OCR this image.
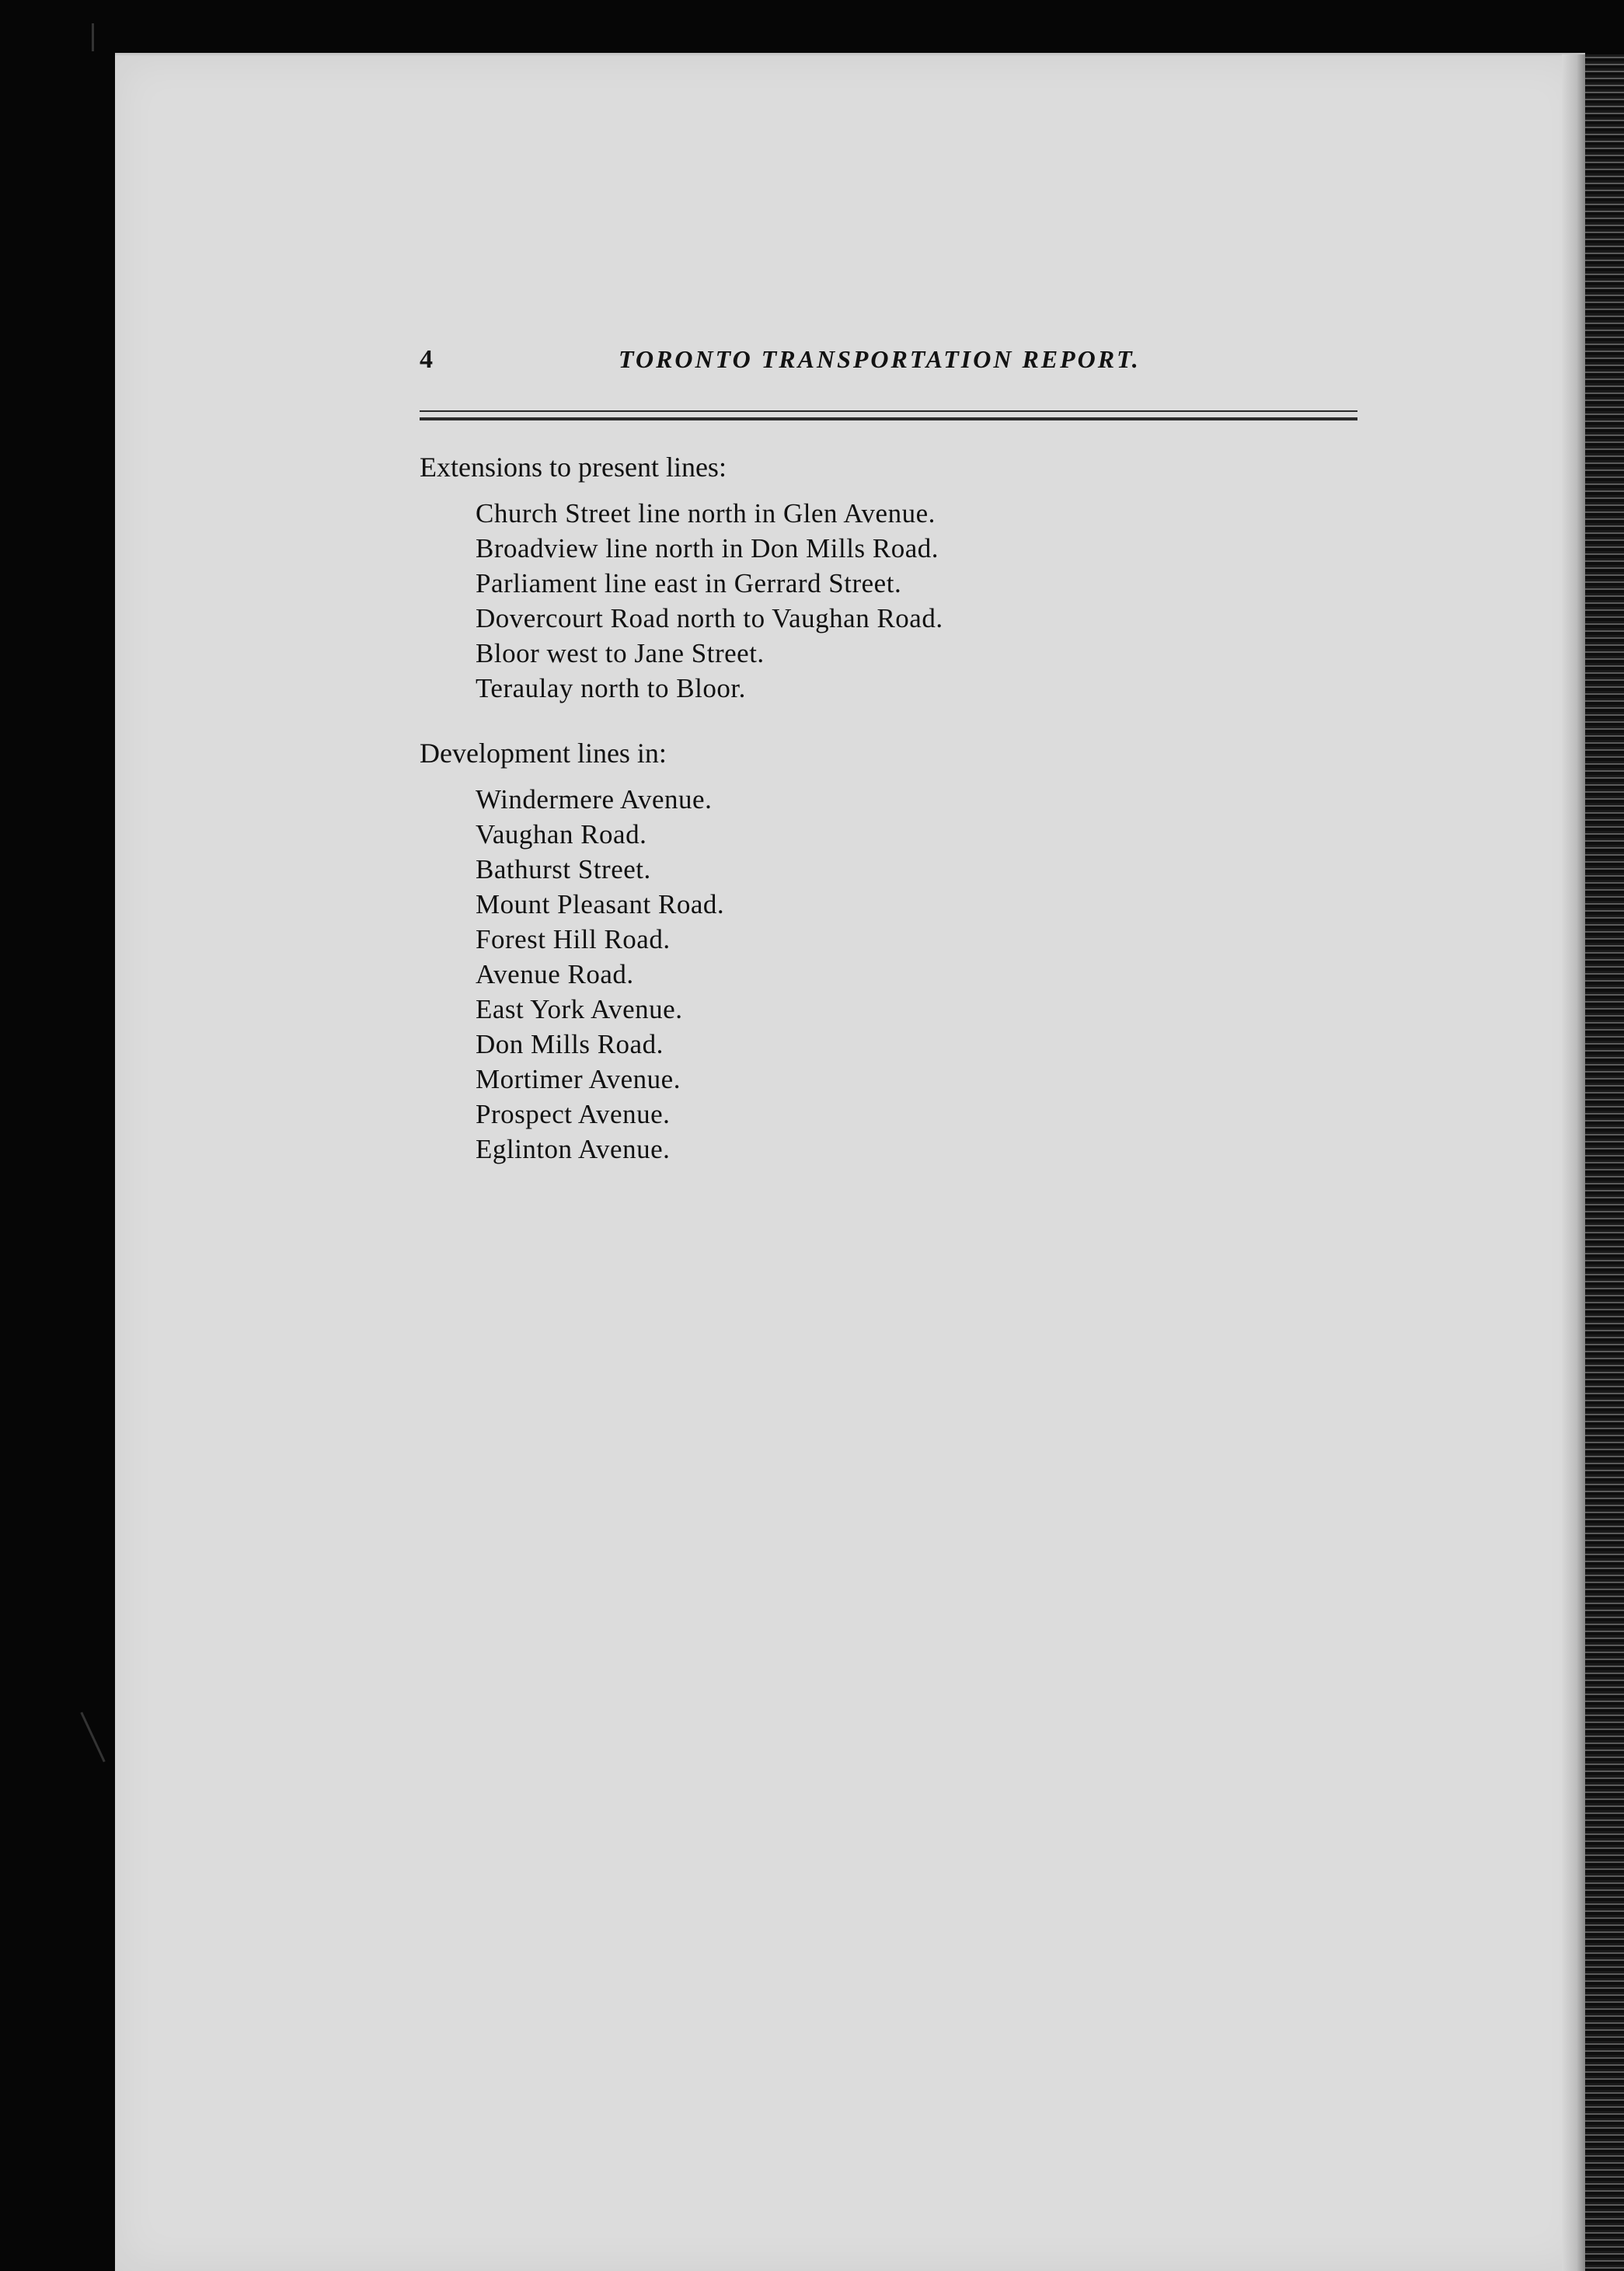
4	TORONTO TRANSPORTATION REPORT.

Extensions to present lines:

Church Street line north in Glen Avenue.
Broadview line north in Don Mills Road.
Parliament line east in Gerrard Street.
Dovercourt Road north to Vaughan Road.
Bloor west to Jane Street.
Teraulay north to Bloor.

Development lines in:

Windermere Avenue.
Vaughan Road.
Bathurst Street.
Mount Pleasant Road.
Forest Hill Road.
Avenue Road.
East York Avenue.
Don Mills Road.
Mortimer Avenue.
Prospect Avenue.
Eglinton Avenue.
